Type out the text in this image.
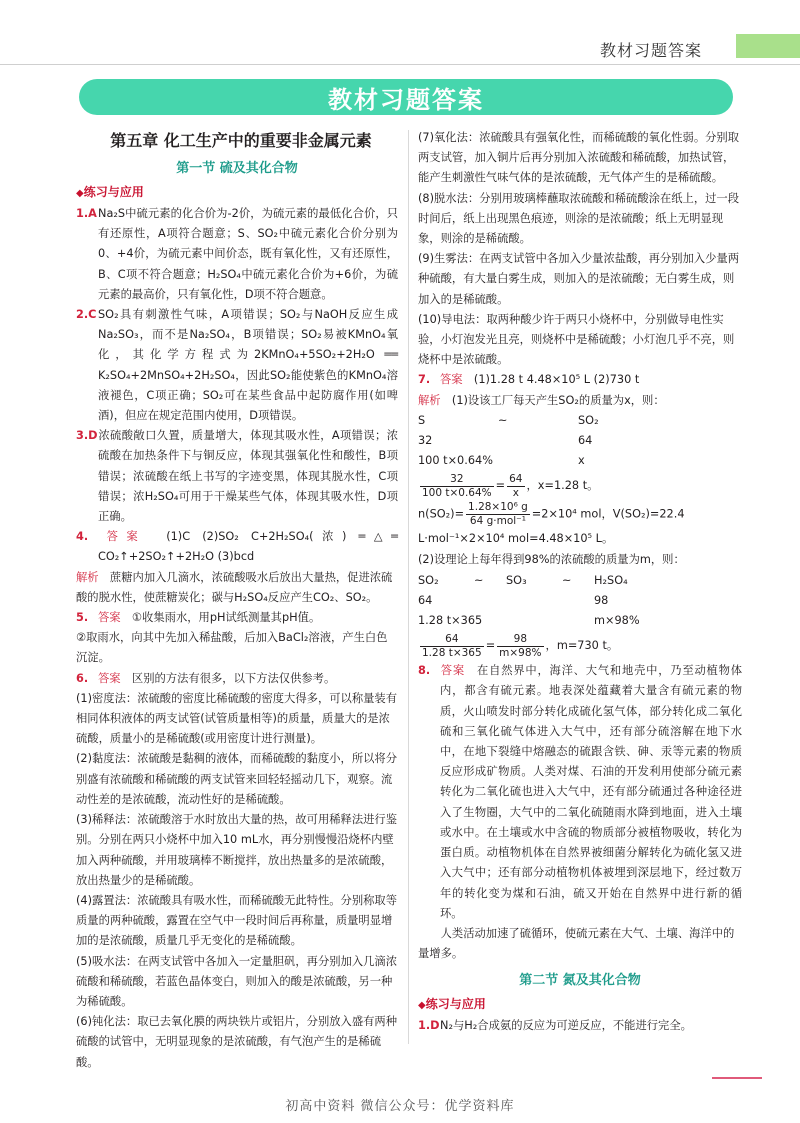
教材习题答案
教材习题答案
第五章 化工生产中的重要非金属元素
第一节 硫及其化合物
◆练习与应用

1.ANa₂S中硫元素的化合价为-2价，为硫元素的最低化合价，只有还原性，A项符合题意；S、SO₂中硫元素化合价分别为0、+4价，为硫元素中间价态，既有氧化性，又有还原性，B、C项不符合题意；H₂SO₄中硫元素化合价为+6价，为硫元素的最高价，只有氧化性，D项不符合题意。

2.C SO₂具有刺激性气味，A项错误；SO₂与NaOH反应生成Na₂SO₃，而不是Na₂SO₄，B项错误；SO₂易被KMnO₄氧化，其化学方程式为2KMnO₄+5SO₂+2H₂O ══ K₂SO₄+2MnSO₄+2H₂SO₄，因此SO₂能使紫色的KMnO₄溶液褪色，C项正确；SO₂可在某些食品中起防腐作用(如啤酒)，但应在规定范围内使用，D项错误。

3.D浓硫酸敞口久置，质量增大，体现其吸水性，A项错误；浓硫酸在加热条件下与铜反应，体现其强氧化性和酸性，B项错误；浓硫酸在纸上书写的字迹变黑，体现其脱水性，C项错误；浓H₂SO₄可用于干燥某些气体，体现其吸水性，D项正确。

4. 答案　 (1)C (2)SO₂ C+2H₂SO₄(浓) ═△═ CO₂↑+2SO₂↑+2H₂O (3)bcd

解析　 蔗糖内加入几滴水，浓硫酸吸水后放出大量热，促进浓硫酸的脱水性，使蔗糖炭化；碳与H₂SO₄反应产生CO₂、SO₂。

5. 答案　 ①收集雨水，用pH试纸测量其pH值。

②取雨水，向其中先加入稀盐酸，后加入BaCl₂溶液，产生白色沉淀。

6. 答案　 区别的方法有很多，以下方法仅供参考。

(1)密度法：浓硫酸的密度比稀硫酸的密度大得多，可以称量装有相同体积液体的两支试管(试管质量相等)的质量，质量大的是浓硫酸，质量小的是稀硫酸(或用密度计进行测量)。

(2)黏度法：浓硫酸是黏稠的液体，而稀硫酸的黏度小，所以将分别盛有浓硫酸和稀硫酸的两支试管来回轻轻摇动几下，观察。流动性差的是浓硫酸，流动性好的是稀硫酸。

(3)稀释法：浓硫酸溶于水时放出大量的热，故可用稀释法进行鉴别。分别在两只小烧杯中加入10 mL水，再分别慢慢沿烧杯内壁加入两种硫酸，并用玻璃棒不断搅拌，放出热量多的是浓硫酸，放出热量少的是稀硫酸。

(4)露置法：浓硫酸具有吸水性，而稀硫酸无此特性。分别称取等质量的两种硫酸，露置在空气中一段时间后再称量，质量明显增加的是浓硫酸，质量几乎无变化的是稀硫酸。

(5)吸水法：在两支试管中各加入一定量胆矾，再分别加入几滴浓硫酸和稀硫酸，若蓝色晶体变白，则加入的酸是浓硫酸，另一种为稀硫酸。

(6)钝化法：取已去氧化膜的两块铁片或铝片，分别放入盛有两种硫酸的试管中，无明显现象的是浓硫酸，有气泡产生的是稀硫酸。

(7)氧化法：浓硫酸具有强氧化性，而稀硫酸的氧化性弱。分别取两支试管，加入铜片后再分别加入浓硫酸和稀硫酸，加热试管，能产生刺激性气味气体的是浓硫酸，无气体产生的是稀硫酸。

(8)脱水法：分别用玻璃棒蘸取浓硫酸和稀硫酸涂在纸上，过一段时间后，纸上出现黑色痕迹，则涂的是浓硫酸；纸上无明显现象，则涂的是稀硫酸。

(9)生雾法：在两支试管中各加入少量浓盐酸，再分别加入少量两种硫酸，有大量白雾生成，则加入的是浓硫酸；无白雾生成，则加入的是稀硫酸。

(10)导电法：取两种酸少许于两只小烧杯中，分别做导电性实验，小灯泡发光且亮，则烧杯中是稀硫酸；小灯泡几乎不亮，则烧杯中是浓硫酸。

7. 答案　 (1)1.28 t 4.48×10⁵ L (2)730 t

解析　 (1)设该工厂每天产生SO₂的质量为x，则：

S	~	SO₂
32	64
100 t×0.64%	x
$\frac{32}{100 t\times 0.64\%} = \frac{64}{x}$ ，x=1.28 t。
$n(SO_2)= \frac{\text{1.28×10⁶ g}}{\text{64 g·mol⁻¹}} =2\times 10^4$ mol，V(SO₂)=22.4 L·mol⁻¹×2×10⁴ mol=4.48×10⁵ L。

(2)设理论上每年得到98%的浓硫酸的质量为m，则：

SO₂	~	SO₃	~	H₂SO₄
64	98
1.28 t×365	m×98%
$\frac{64}{1.28 t\times 365} = \frac{98}{m\times 98\%}$ ，m=730 t。

8. 答案　 在自然界中，海洋、大气和地壳中，乃至动植物体内，都含有硫元素。地表深处蕴藏着大量含有硫元素的物质，火山喷发时部分转化成硫化氢气体，部分转化成二氧化硫和三氧化硫气体进入大气中，还有部分硫溶解在地下水中，在地下裂缝中熔融态的硫跟含铁、砷、汞等元素的物质反应形成矿物质。人类对煤、石油的开发利用使部分硫元素转化为二氧化硫也进入大气中，还有部分硫通过各种途径进入了生物圈，大气中的二氧化硫随雨水降到地面，进入土壤或水中。在土壤或水中含硫的物质部分被植物吸收，转化为蛋白质。动植物机体在自然界被细菌分解转化为硫化氢又进入大气中；还有部分动植物机体被埋到深层地下，经过数万年的转化变为煤和石油，硫又开始在自然界中进行新的循环。

人类活动加速了硫循环，使硫元素在大气、土壤、海洋中的量增多。

第二节 氮及其化合物
◆练习与应用

1.DN₂与H₂合成氨的反应为可逆反应，不能进行完全。

初高中资料 微信公众号：优学资料库
